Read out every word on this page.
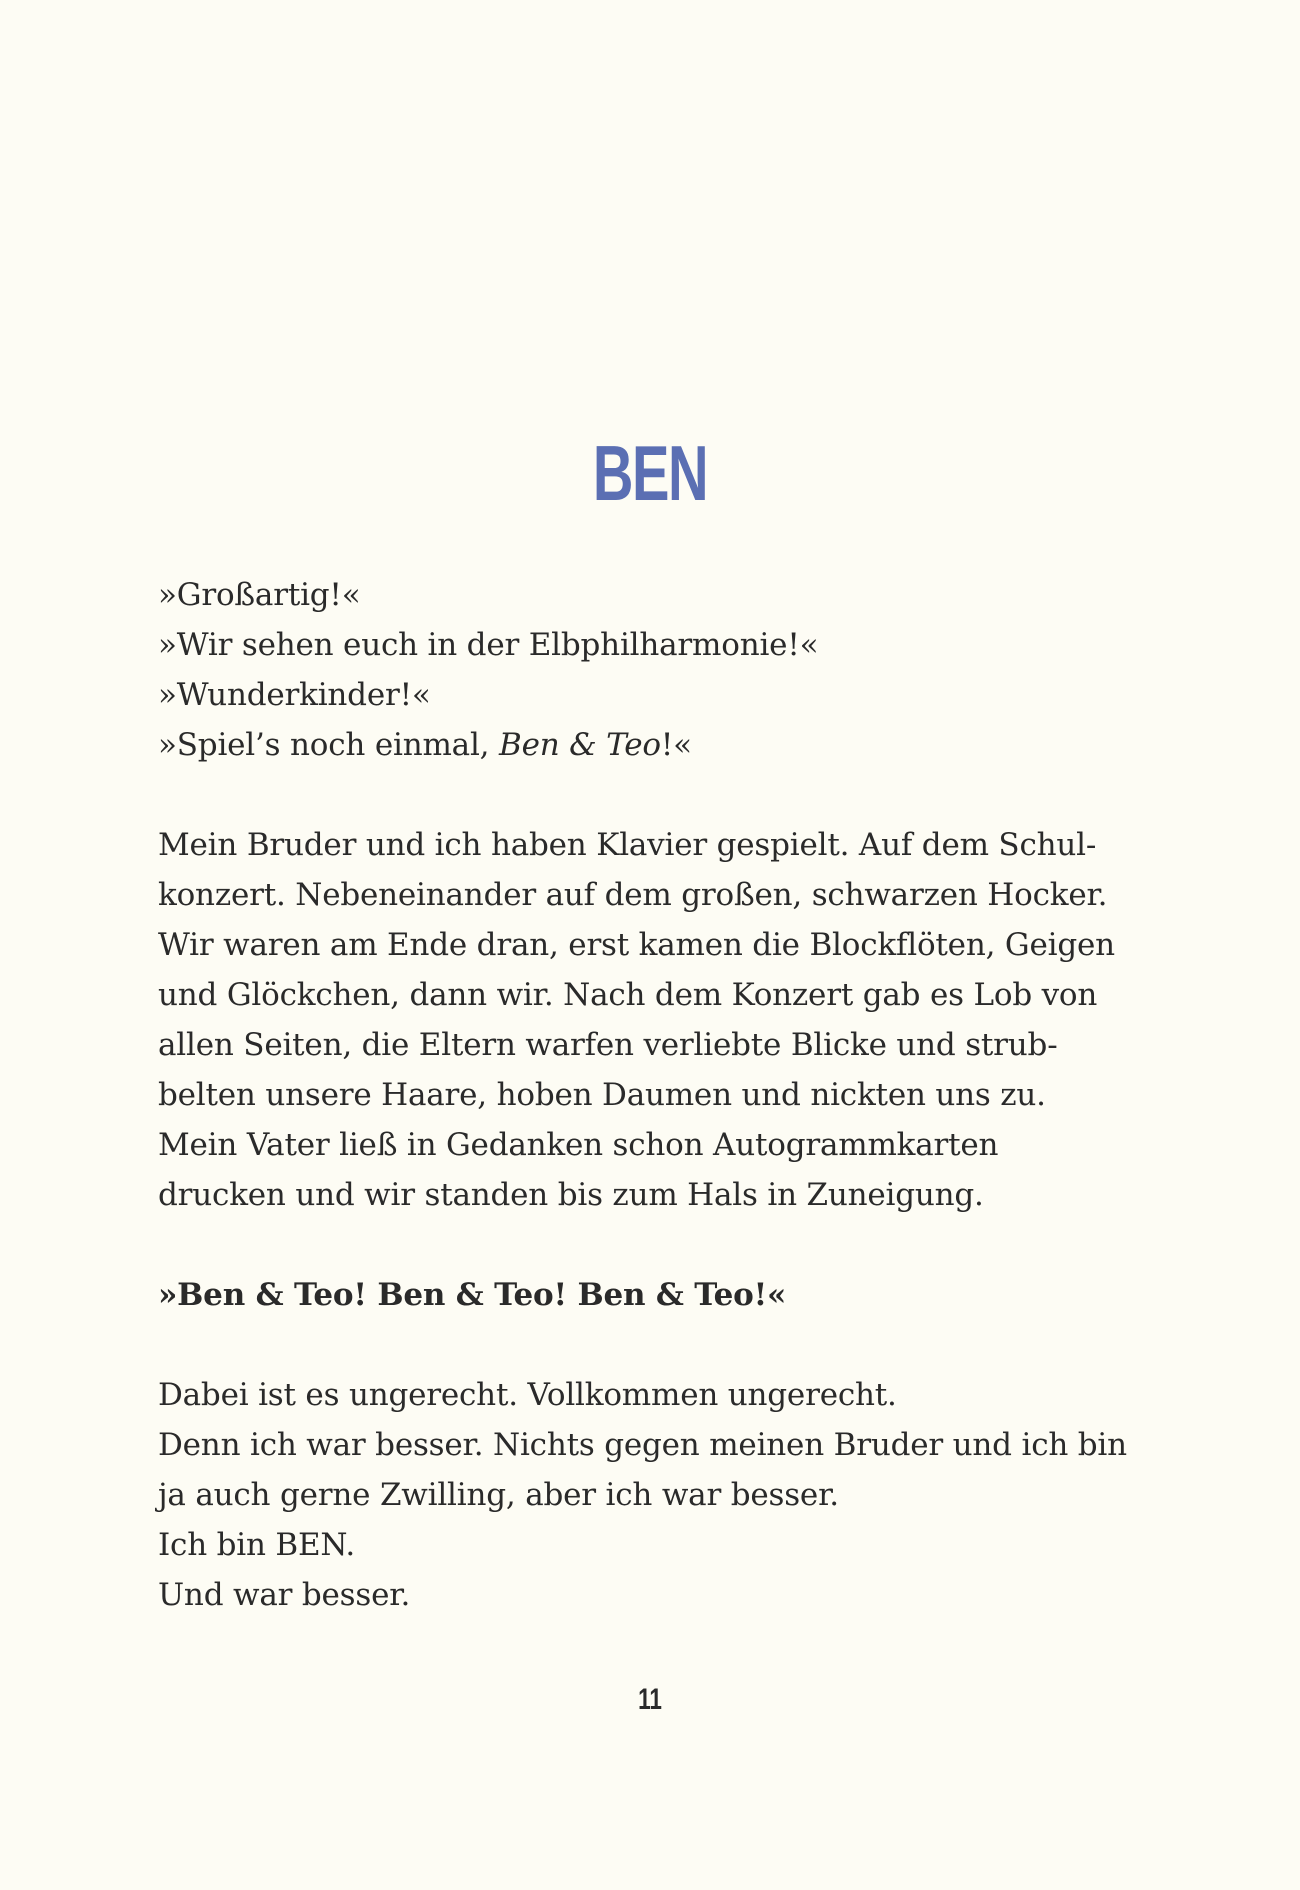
BEN
»Großartig!«
»Wir sehen euch in der Elbphilharmonie!«
»Wunderkinder!«
»Spiel’s noch einmal, Ben & Teo!«
Mein Bruder und ich haben Klavier gespielt. Auf dem Schul-
konzert. Nebeneinander auf dem großen, schwarzen Hocker.
Wir waren am Ende dran, erst kamen die Blockflöten, Geigen
und Glöckchen, dann wir. Nach dem Konzert gab es Lob von
allen Seiten, die Eltern warfen verliebte Blicke und strub-
belten unsere Haare, hoben Daumen und nickten uns zu.
Mein Vater ließ in Gedanken schon Autogrammkarten
drucken und wir standen bis zum Hals in Zuneigung.
»Ben & Teo! Ben & Teo! Ben & Teo!«
Dabei ist es ungerecht. Vollkommen ungerecht.
Denn ich war besser. Nichts gegen meinen Bruder und ich bin
ja auch gerne Zwilling, aber ich war besser.
Ich bin BEN.
Und war besser.
11
